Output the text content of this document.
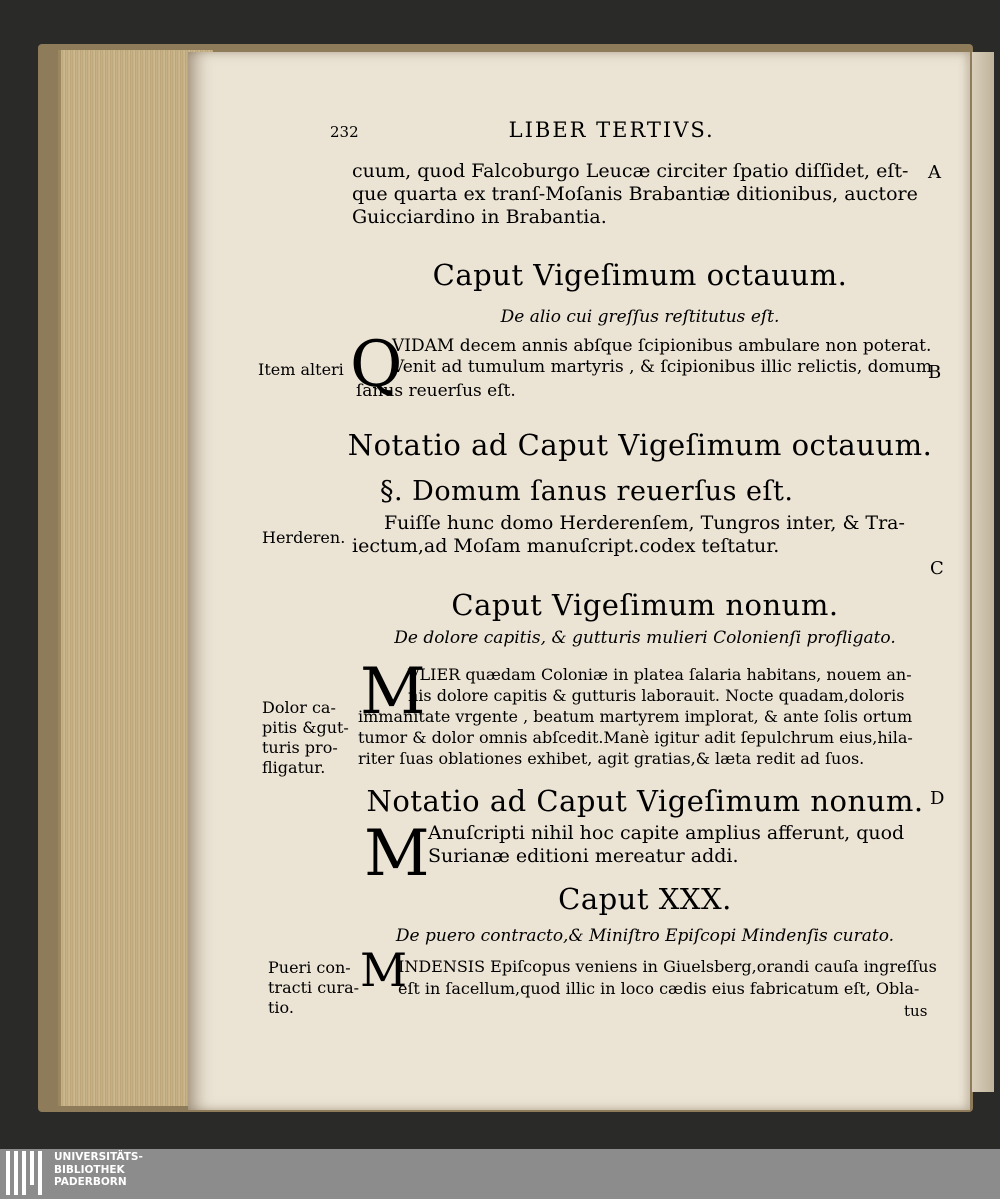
232	LIBER TERTIVS.
cuum, quod Falcoburgo Leucæ circiter ſpatio diſſidet, eſt-
que quarta ex tranſ-Moſanis Brabantiæ ditionibus, auctore
Guicciardino in Brabantia.
A
Caput Vigeſimum octauum.
De alio cui greſſus reſtitutus eſt.
Item alteri Q
VIDAM decem annis abſque ſcipionibus ambulare non poterat.
Venit ad tumulum martyris , & ſcipionibus illic relictis, domum
ſanus reuerſus eſt.
B
Notatio ad Caput Vigeſimum octauum.
§. Domum ſanus reuerſus eſt.
Herderen.
Fuiſſe hunc domo Herderenſem, Tungros inter, & Tra-
iectum,ad Moſam manuſcript.codex teſtatur.
C
Caput Vigeſimum nonum.
De dolore capitis, & gutturis mulieri Colonienſi profligato.
Dolor ca-
pitis &gut-
turis pro-
fligatur.
M
VLIER quædam Coloniæ in platea ſalaria habitans, nouem an-
nis dolore capitis & gutturis laborauit. Nocte quadam,doloris
immanitate vrgente , beatum martyrem implorat, & ante ſolis ortum
tumor & dolor omnis abſcedit.Manè igitur adit ſepulchrum eius,hila-
riter ſuas oblationes exhibet, agit gratias,& læta redit ad ſuos.
Notatio ad Caput Vigeſimum nonum. D
M
Anuſcripti nihil hoc capite amplius afferunt, quod
Surianæ editioni mereatur addi.
Caput XXX.
De puero contracto,& Miniſtro Epiſcopi Mindenſis curato.
Pueri con-
tracti cura-
tio.
M
INDENSIS Epiſcopus veniens in Giuelsberg,orandi cauſa ingreſſus
eſt in ſacellum,quod illic in loco cædis eius fabricatum eſt, Obla-
tus
UNIVERSITÄTS-
BIBLIOTHEK
PADERBORN
